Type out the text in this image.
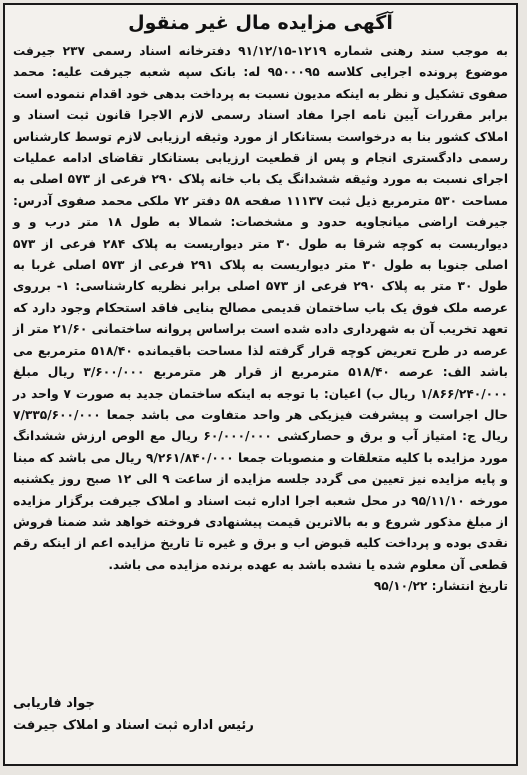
آگهی مزایده مال غیر منقول

به موجب سند رهنی شماره ۱۲۱۹-۹۱/۱۲/۱۵ دفترخانه اسناد رسمی ۲۳۷ جیرفت موضوع پرونده اجرایی کلاسه ۹۵۰۰۰۹۵ له: بانک سپه شعبه جیرفت علیه: محمد صفوی تشکیل و نظر به اینکه مدیون نسبت به پرداخت بدهی خود اقدام ننموده است برابر مقررات آیین نامه اجرا مفاد اسناد رسمی لازم الاجرا قانون ثبت اسناد و املاک کشور بنا به درخواست بستانکار از مورد وثیقه ارزیابی لازم توسط کارشناس رسمی دادگستری انجام و پس از قطعیت ارزیابی بستانکار تقاضای ادامه عملیات اجرای نسبت به مورد وثیقه ششدانگ یک باب خانه پلاک ۲۹۰ فرعی از ۵۷۳ اصلی به مساحت ۵۳۰ مترمربع ذیل ثبت ۱۱۱۳۷ صفحه ۵۸ دفتر ۷۲ ملکی محمد صفوی آدرس: جیرفت اراضی میانجاویه حدود و مشخصات: شمالا به طول ۱۸ متر درب و و دیواریست به کوچه شرقا به طول ۳۰ متر دیواریست به پلاک ۲۸۴ فرعی از ۵۷۳ اصلی جنوبا به طول ۳۰ متر دیواریست به پلاک ۲۹۱ فرعی از ۵۷۳ اصلی غربا به طول ۳۰ متر به پلاک ۲۹۰ فرعی از ۵۷۳ اصلی برابر نظریه کارشناسی: ۱- برروی عرصه ملک فوق یک باب ساختمان قدیمی مصالح بنایی فاقد استحکام وجود دارد که تعهد تخریب آن به شهرداری داده شده است براساس پروانه ساختمانی ۲۱/۶۰ متر از عرصه در طرح تعریض کوچه قرار گرفته لذا مساحت باقیمانده ۵۱۸/۴۰ مترمربع می باشد الف: عرصه ۵۱۸/۴۰ مترمربع از قرار هر مترمربع ۳/۶۰۰/۰۰۰ ریال مبلغ ۱/۸۶۶/۲۴۰/۰۰۰ ریال ب) اعیان: با توجه به اینکه ساختمان جدید به صورت ۷ واحد در حال اجراست و پیشرفت فیزیکی هر واحد متفاوت می باشد جمعا ۷/۳۳۵/۶۰۰/۰۰۰ ریال ج: امتیاز آب و برق و حصارکشی ۶۰/۰۰۰/۰۰۰ ریال مع الوص ارزش ششدانگ مورد مزایده با کلیه متعلقات و منصوبات جمعا ۹/۲۶۱/۸۴۰/۰۰۰ ریال می باشد که مبنا و پایه مزایده نیز تعیین می گردد جلسه مزایده از ساعت ۹ الی ۱۲ صبح روز یکشنبه مورخه ۹۵/۱۱/۱۰ در محل شعبه اجرا اداره ثبت اسناد و املاک جیرفت برگزار مزایده از مبلغ مذکور شروع و به بالاترین قیمت پیشنهادی فروخته خواهد شد ضمنا فروش نقدی بوده و پرداخت کلیه قبوض اب و برق و غیره تا تاریخ مزایده اعم از اینکه رقم قطعی آن معلوم شده یا نشده باشد به عهده برنده مزایده می باشد.

تاریخ انتشار: ۹۵/۱۰/۲۲

جواد فاریابی
رئیس اداره ثبت اسناد و املاک جیرفت
